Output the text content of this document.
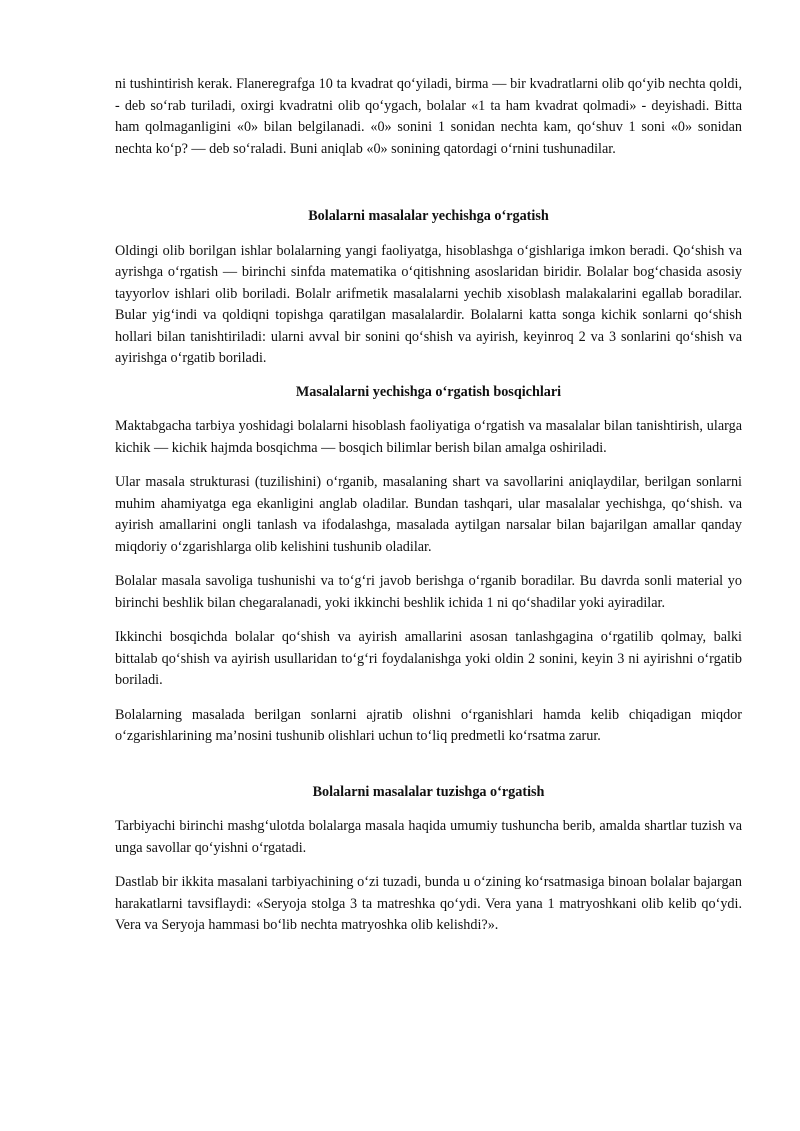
ni tushintirish kerak. Flaneregrafga 10 ta kvadrat qo‘yiladi, birma — bir kvadratlarni olib qo‘yib nechta qoldi, - deb so‘rab turiladi, oxirgi kvadratni olib qo‘ygach, bolalar «1 ta ham kvadrat qolmadi» - deyishadi. Bitta ham qolmaganligini «0» bilan belgilanadi. «0» sonini 1 sonidan nechta kam, qo‘shuv 1 soni «0» sonidan nechta ko‘p? — deb so‘raladi. Buni aniqlab «0» sonining qatordagi o‘rnini tushunadilar.

Bolalarni masalalar yechishga o‘rgatish

Oldingi olib borilgan ishlar bolalarning yangi faoliyatga, hisoblashga o‘gishlariga imkon beradi. Qo‘shish va ayrishga o‘rgatish — birinchi sinfda matematika o‘qitishning asoslaridan biridir. Bolalar bog‘chasida asosiy tayyorlov ishlari olib boriladi. Bolalr arifmetik masalalarni yechib xisoblash malakalarini egallab boradilar. Bular yig‘indi va qoldiqni topishga qaratilgan masalalardir. Bolalarni katta songa kichik sonlarni qo‘shish hollari bilan tanishtiriladi: ularni avval bir sonini qo‘shish va ayirish, keyinroq 2 va 3 sonlarini qo‘shish va ayirishga o‘rgatib boriladi.

Masalalarni yechishga o‘rgatish bosqichlari

Maktabgacha tarbiya yoshidagi bolalarni hisoblash faoliyatiga o‘rgatish va masalalar bilan tanishtirish, ularga kichik — kichik hajmda bosqichma — bosqich bilimlar berish bilan amalga oshiriladi.

Ular masala strukturasi (tuzilishini) o‘rganib, masalaning shart va savollarini aniqlaydilar, berilgan sonlarni muhim ahamiyatga ega ekanligini anglab oladilar. Bundan tashqari, ular masalalar yechishga, qo‘shish. va ayirish amallarini ongli tanlash va ifodalashga, masalada aytilgan narsalar bilan bajarilgan amallar qanday miqdoriy o‘zgarishlarga olib kelishini tushunib oladilar.

Bolalar masala savoliga tushunishi va to‘g‘ri javob berishga o‘rganib boradilar. Bu davrda sonli material yo birinchi beshlik bilan chegaralanadi, yoki ikkinchi beshlik ichida 1 ni qo‘shadilar yoki ayiradilar.

Ikkinchi bosqichda bolalar qo‘shish va ayirish amallarini asosan tanlashgagina o‘rgatilib qolmay, balki bittalab qo‘shish va ayirish usullaridan to‘g‘ri foydalanishga yoki oldin 2 sonini, keyin 3 ni ayirishni o‘rgatib boriladi.

Bolalarning masalada berilgan sonlarni ajratib olishni o‘rganishlari hamda kelib chiqadigan miqdor o‘zgarishlarining ma’nosini tushunib olishlari uchun to‘liq predmetli ko‘rsatma zarur.

Bolalarni masalalar tuzishga o‘rgatish

Tarbiyachi birinchi mashg‘ulotda bolalarga masala haqida umumiy tushuncha berib, amalda shartlar tuzish va unga savollar qo‘yishni o‘rgatadi.

Dastlab bir ikkita masalani tarbiyachining o‘zi tuzadi, bunda u o‘zining ko‘rsatmasiga binoan bolalar bajargan harakatlarni tavsiflaydi: «Seryoja stolga 3 ta matreshka qo‘ydi. Vera yana 1 matryoshkani olib kelib qo‘ydi. Vera va Seryoja hammasi bo‘lib nechta matryoshka olib kelishdi?».
